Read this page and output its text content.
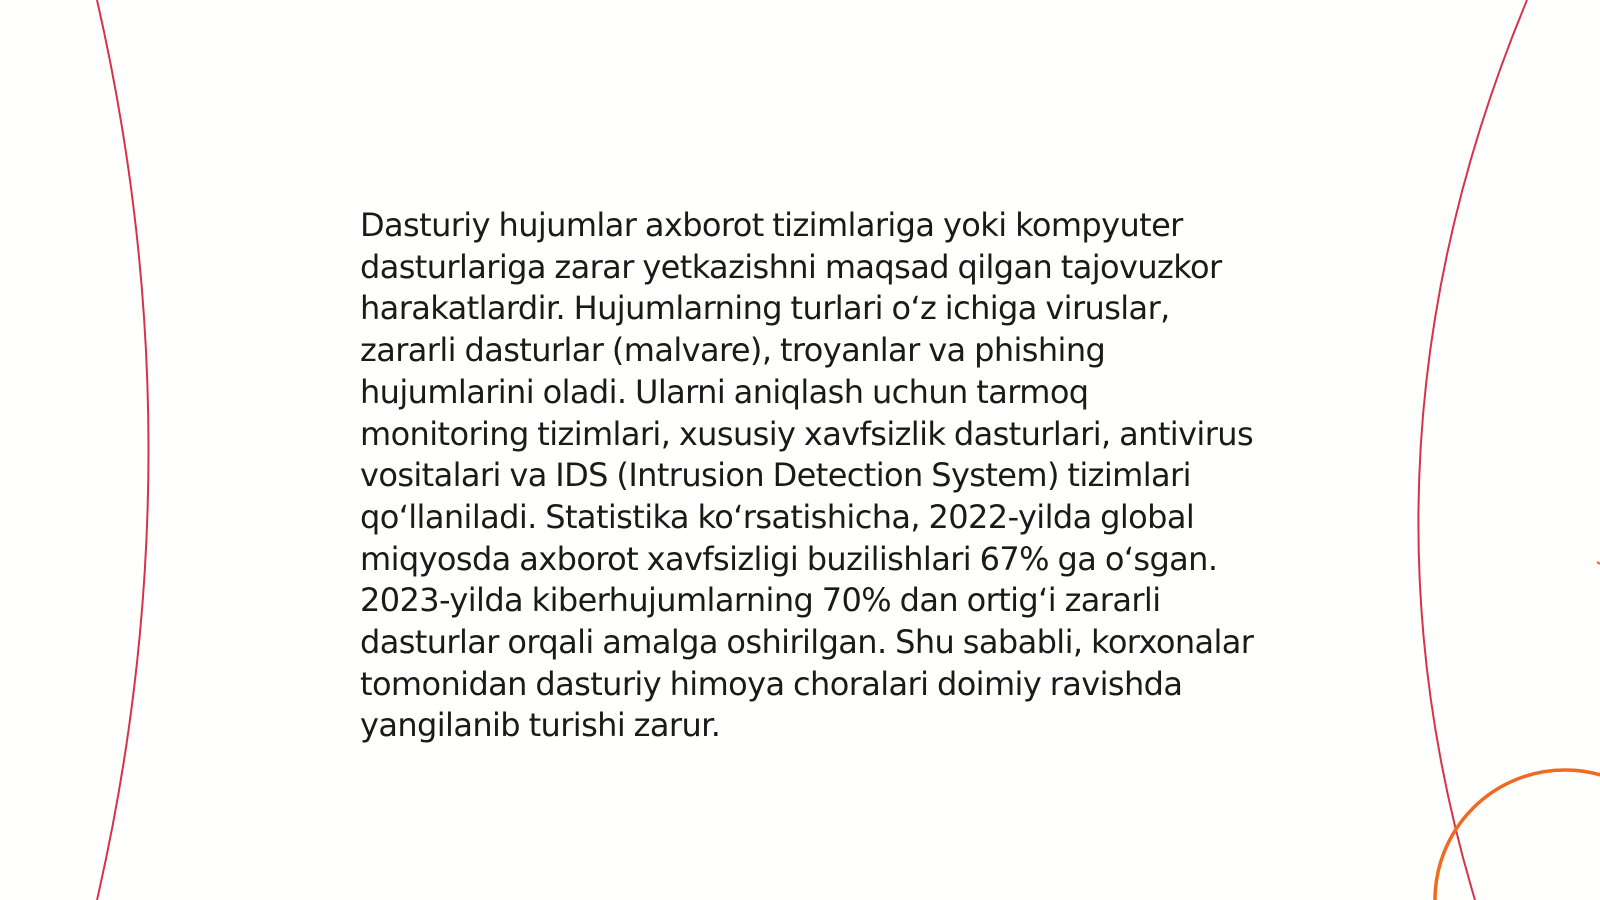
Dasturiy hujumlar axborot tizimlariga yoki kompyuter dasturlariga zarar yetkazishni maqsad qilgan tajovuzkor harakatlardir. Hujumlarning turlari o‘z ichiga viruslar, zararli dasturlar (malvare), troyanlar va phishing hujumlarini oladi. Ularni aniqlash uchun tarmoq monitoring tizimlari, xususiy xavfsizlik dasturlari, antivirus vositalari va IDS (Intrusion Detection System) tizimlari qo‘llaniladi. Statistika ko‘rsatishicha, 2022-yilda global miqyosda axborot xavfsizligi buzilishlari 67% ga o‘sgan. 2023-yilda kiberhujumlarning 70% dan ortig‘i zararli dasturlar orqali amalga oshirilgan. Shu sababli, korxonalar tomonidan dasturiy himoya choralari doimiy ravishda yangilanib turishi zarur.
